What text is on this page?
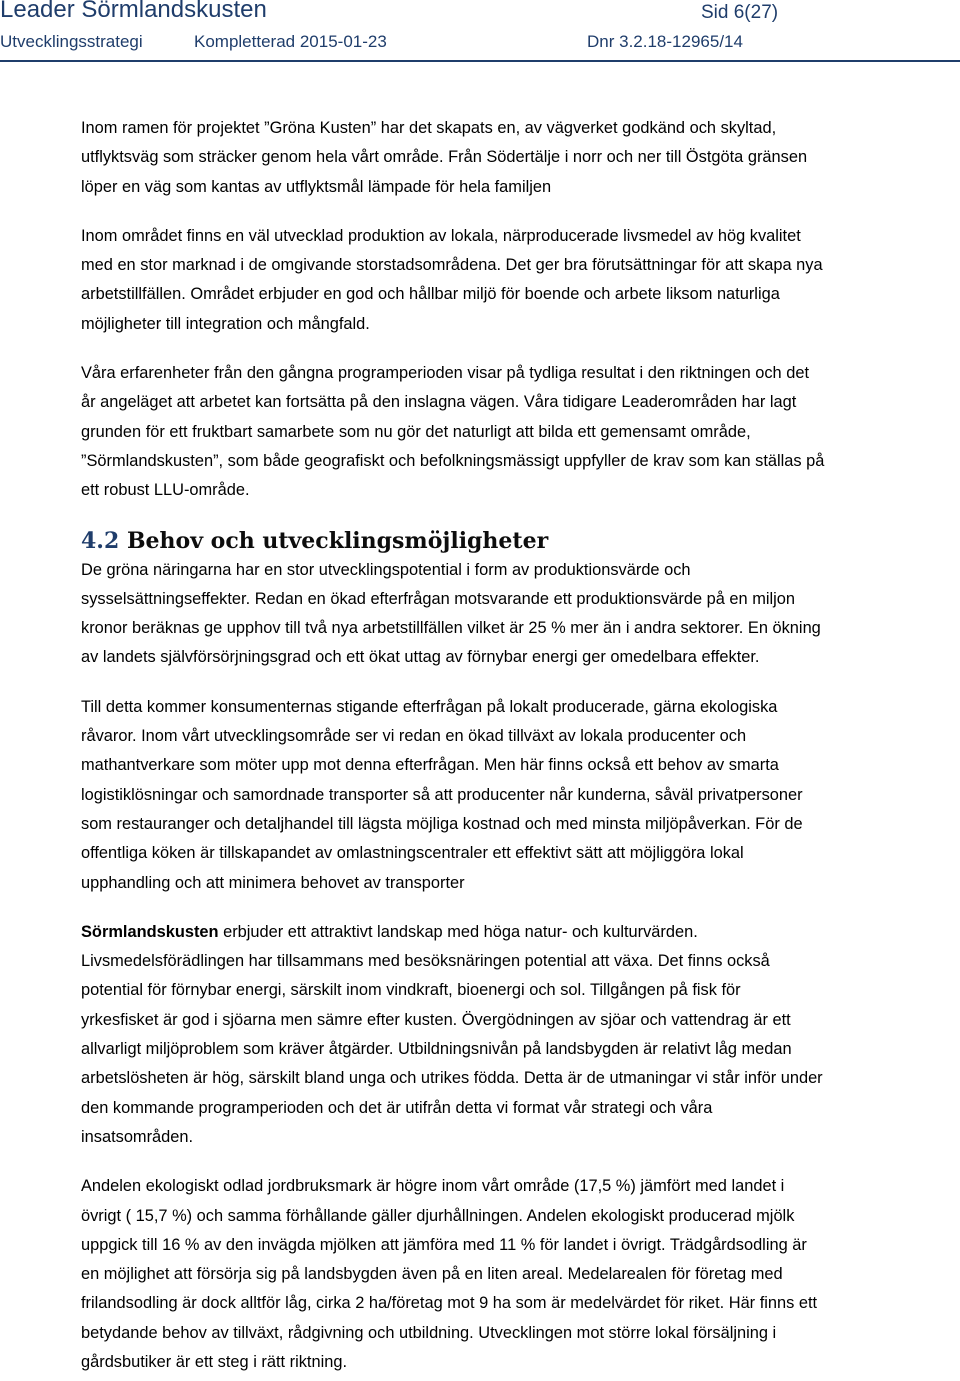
Leader Sörmlandskusten	Sid 6(27)
Utvecklingsstrategi	Kompletterad 2015-01-23	Dnr 3.2.18-12965/14

Inom ramen för projektet ”Gröna Kusten” har det skapats en, av vägverket godkänd och skyltad,
utflyktsväg som sträcker genom hela vårt område. Från Södertälje i norr och ner till Östgöta gränsen
löper en väg som kantas av utflyktsmål lämpade för hela familjen

Inom området finns en väl utvecklad produktion av lokala, närproducerade livsmedel av hög kvalitet
med en stor marknad i de omgivande storstadsområdena. Det ger bra förutsättningar för att skapa nya
arbetstillfällen. Området erbjuder en god och hållbar miljö för boende och arbete liksom naturliga
möjligheter till integration och mångfald.

Våra erfarenheter från den gångna programperioden visar på tydliga resultat i den riktningen och det
år angeläget att arbetet kan fortsätta på den inslagna vägen. Våra tidigare Leaderområden har lagt
grunden för ett fruktbart samarbete som nu gör det naturligt att bilda ett gemensamt område,
”Sörmlandskusten”, som både geografiskt och befolkningsmässigt uppfyller de krav som kan ställas på
ett robust LLU-område.

4.2 Behov och utvecklingsmöjligheter

De gröna näringarna har en stor utvecklingspotential i form av produktionsvärde och
sysselsättningseffekter. Redan en ökad efterfrågan motsvarande ett produktionsvärde på en miljon
kronor beräknas ge upphov till två nya arbetstillfällen vilket är 25 % mer än i andra sektorer. En ökning
av landets självförsörjningsgrad och ett ökat uttag av förnybar energi ger omedelbara effekter.

Till detta kommer konsumenternas stigande efterfrågan på lokalt producerade, gärna ekologiska
råvaror. Inom vårt utvecklingsområde ser vi redan en ökad tillväxt av lokala producenter och
mathantverkare som möter upp mot denna efterfrågan. Men här finns också ett behov av smarta
logistiklösningar och samordnade transporter så att producenter når kunderna, såväl privatpersoner
som restauranger och detaljhandel till lägsta möjliga kostnad och med minsta miljöpåverkan. För de
offentliga köken är tillskapandet av omlastningscentraler ett effektivt sätt att möjliggöra lokal
upphandling och att minimera behovet av transporter

Sörmlandskusten erbjuder ett attraktivt landskap med höga natur- och kulturvärden.
Livsmedelsförädlingen har tillsammans med besöksnäringen potential att växa. Det finns också
potential för förnybar energi, särskilt inom vindkraft, bioenergi och sol. Tillgången på fisk för
yrkesfisket är god i sjöarna men sämre efter kusten. Övergödningen av sjöar och vattendrag är ett
allvarligt miljöproblem som kräver åtgärder. Utbildningsnivån på landsbygden är relativt låg medan
arbetslösheten är hög, särskilt bland unga och utrikes födda. Detta är de utmaningar vi står inför under
den kommande programperioden och det är utifrån detta vi format vår strategi och våra
insatsområden.

Andelen ekologiskt odlad jordbruksmark är högre inom vårt område (17,5 %) jämfört med landet i
övrigt ( 15,7 %) och samma förhållande gäller djurhållningen. Andelen ekologiskt producerad mjölk
uppgick till 16 % av den invägda mjölken att jämföra med 11 % för landet i övrigt. Trädgårdsodling är
en möjlighet att försörja sig på landsbygden även på en liten areal. Medelarealen för företag med
frilandsodling är dock alltför låg, cirka 2 ha/företag mot 9 ha som är medelvärdet för riket. Här finns ett
betydande behov av tillväxt, rådgivning och utbildning. Utvecklingen mot större lokal försäljning i
gårdsbutiker är ett steg i rätt riktning.
